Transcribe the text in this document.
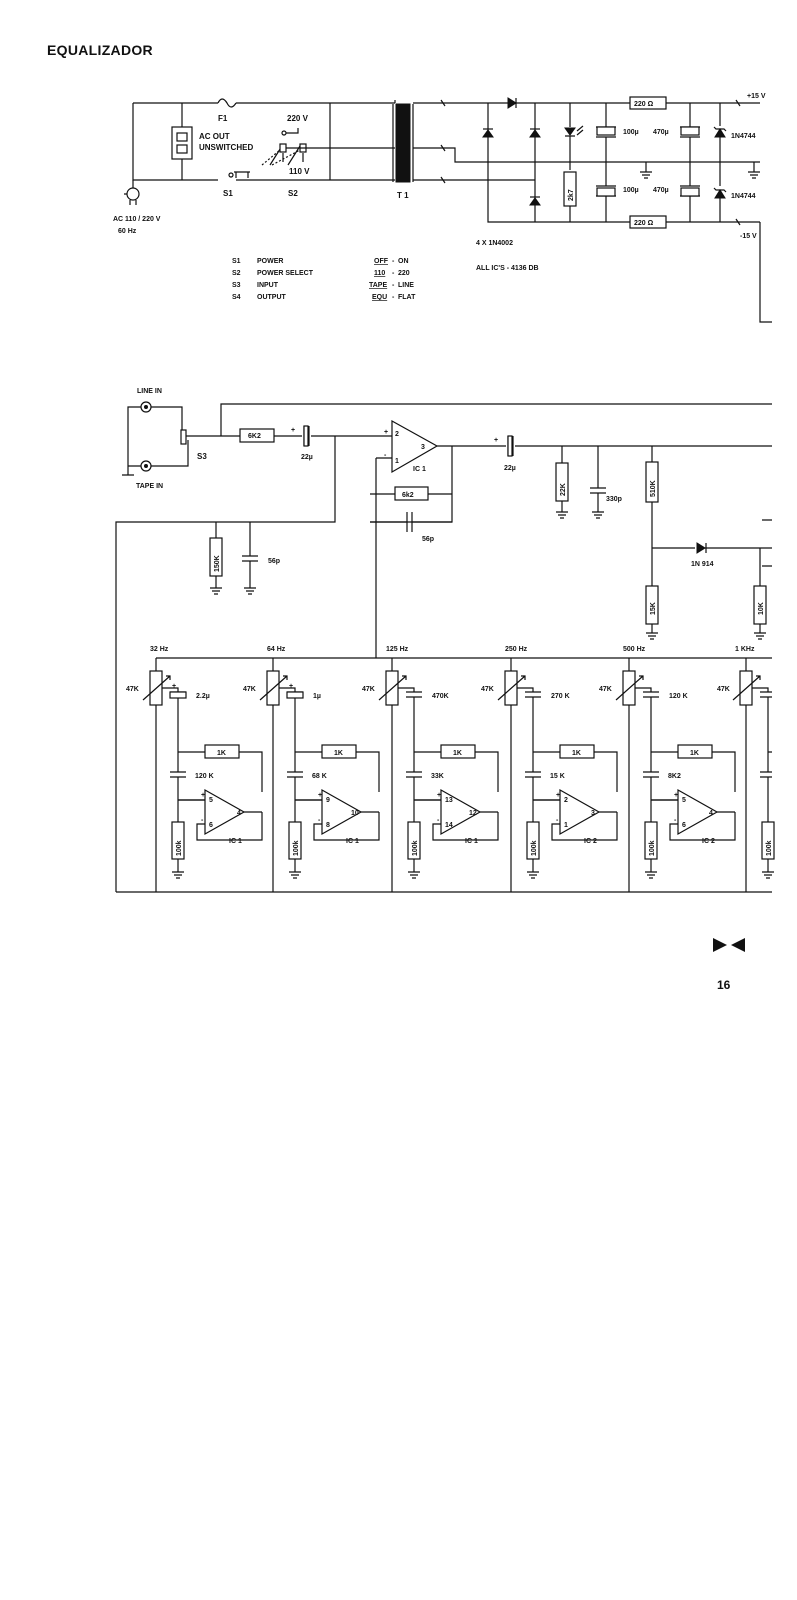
EQUALIZADOR
F1
AC OUT
UNSWITCHED
S1
220 V
110 V
S2
AC 110 / 220 V
60 Hz
T 1	2k7
100µ
100µ
470µ
470µ
220 Ω
220 Ω
1N4744
1N4744
+15 V
-15 V
4 X 1N4002
ALL IC'S - 4136 DB
S1 POWER	OFF - ON
S2 POWER SELECT	110 - 220
S3 INPUT	TAPE - LINE
S4 OUTPUT	EQU - FLAT
LINE IN
TAPE IN
S3
6K2
+
22µ
2
1
3
+
-
IC 1
6k2
56p
150K	56p
+
22µ
22K
330p
510K
1N 914
15K	10K
32 Hz
47K	+
2.2µ
1K
120 K
100k
+
-
5
6
4
IC 1
64 Hz
47K	+
1µ
1K
68 K
100k
+
-
9
8
10
IC 1
125 Hz
47K
470K
1K
33K
100k
+
-
13
14
12
IC 1
250 Hz
47K
270 K
1K
15 K
100k
+
-
2
1
3
IC 2
500 Hz
47K
120 K
1K
8K2
100k
+
-
5
6
4
IC 2
1 KHz
47K
100k

16
